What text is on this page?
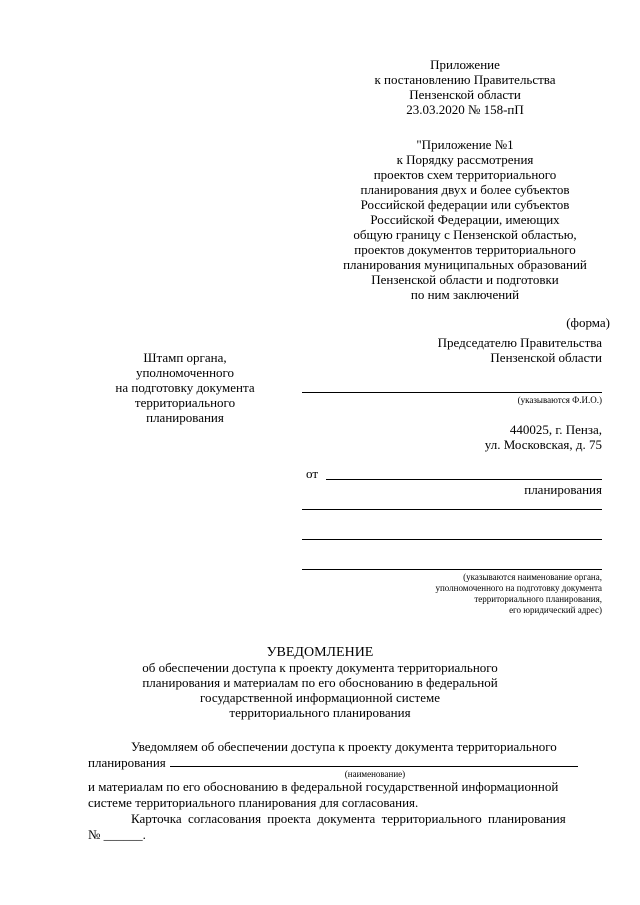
Приложение
к постановлению Правительства
Пензенской области
23.03.2020 № 158-пП
"Приложение №1
к Порядку рассмотрения
проектов схем территориального
планирования двух и более субъектов
Российской федерации или субъектов
Российской Федерации, имеющих
общую границу с Пензенской областью,
проектов документов территориального
планирования муниципальных образований
Пензенской области и подготовки
по ним заключений
(форма)
Председателю Правительства
Пензенской области
Штамп органа,
уполномоченного
на подготовку документа
территориального
планирования
(указываются Ф.И.О.)
440025, г. Пенза,
ул. Московская, д. 75
от
планирования
(указываются наименование органа,
уполномоченного на подготовку документа
территориального планирования,
его юридический адрес)
УВЕДОМЛЕНИЕ
об обеспечении доступа к проекту документа территориального
планирования и материалам по его обоснованию в федеральной
государственной информационной системе
территориального планирования
Уведомляем об обеспечении доступа к проекту документа территориального
планирования
(наименование)
и материалам по его обоснованию в федеральной государственной информационной
системе территориального планирования для согласования.
Карточка согласования проекта документа территориального планирования
№ ______.
